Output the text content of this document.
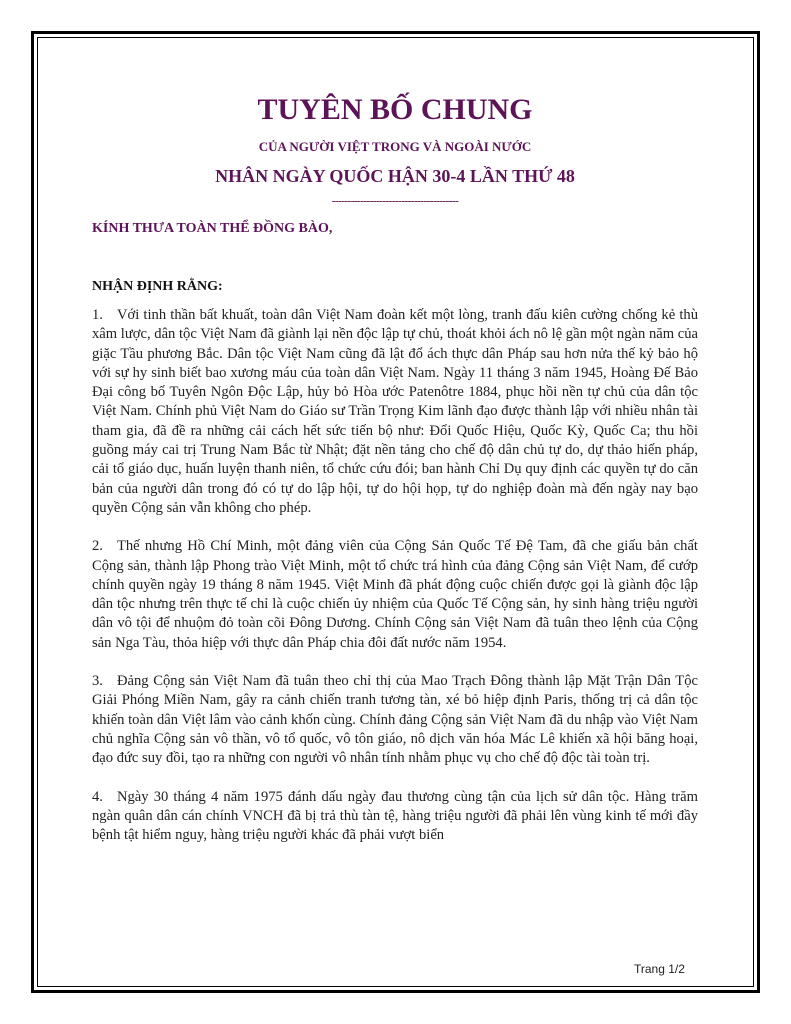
TUYÊN BỐ CHUNG
CỦA NGƯỜI VIỆT TRONG VÀ NGOÀI NƯỚC
NHÂN NGÀY QUỐC HẬN 30-4 LẦN THỨ 48
----------------------------------------
KÍNH THƯA TOÀN THỂ ĐỒNG BÀO,
NHẬN ĐỊNH RẰNG:

1. Với tinh thần bất khuất, toàn dân Việt Nam đoàn kết một lòng, tranh đấu kiên cường chống kẻ thù xâm lược, dân tộc Việt Nam đã giành lại nền độc lập tự chủ, thoát khỏi ách nô lệ gần một ngàn năm của giặc Tầu phương Bắc. Dân tộc Việt Nam cũng đã lật đổ ách thực dân Pháp sau hơn nửa thế kỷ bảo hộ với sự hy sinh biết bao xương máu của toàn dân Việt Nam. Ngày 11 tháng 3 năm 1945, Hoàng Đế Bảo Đại công bố Tuyên Ngôn Độc Lập, hủy bỏ Hòa ước Patenôtre 1884, phục hồi nền tự chủ của dân tộc Việt Nam. Chính phủ Việt Nam do Giáo sư Trần Trọng Kim lãnh đạo được thành lập với nhiều nhân tài tham gia, đã đề ra những cải cách hết sức tiến bộ như: Đổi Quốc Hiệu, Quốc Kỳ, Quốc Ca; thu hồi guồng máy cai trị Trung Nam Bắc từ Nhật; đặt nền tảng cho chế độ dân chủ tự do, dự thảo hiến pháp, cải tổ giáo dục, huấn luyện thanh niên, tổ chức cứu đói; ban hành Chỉ Dụ quy định các quyền tự do căn bản của người dân trong đó có tự do lập hội, tự do hội họp, tự do nghiệp đoàn mà đến ngày nay bạo quyền Cộng sản vẫn không cho phép.

2. Thế nhưng Hồ Chí Minh, một đảng viên của Cộng Sản Quốc Tế Đệ Tam, đã che giấu bản chất Cộng sản, thành lập Phong trào Việt Minh, một tổ chức trá hình của đảng Cộng sản Việt Nam, để cướp chính quyền ngày 19 tháng 8 năm 1945. Việt Minh đã phát động cuộc chiến được gọi là giành độc lập dân tộc nhưng trên thực tế chỉ là cuộc chiến ủy nhiệm của Quốc Tế Cộng sản, hy sinh hàng triệu người dân vô tội để nhuộm đỏ toàn cõi Đông Dương. Chính Cộng sản Việt Nam đã tuân theo lệnh của Cộng sản Nga Tàu, thỏa hiệp với thực dân Pháp chia đôi đất nước năm 1954.

3. Đảng Cộng sản Việt Nam đã tuân theo chỉ thị của Mao Trạch Đông thành lập Mặt Trận Dân Tộc Giải Phóng Miền Nam, gây ra cảnh chiến tranh tương tàn, xé bỏ hiệp định Paris, thống trị cả dân tộc khiến toàn dân Việt lâm vào cảnh khốn cùng. Chính đảng Cộng sản Việt Nam đã du nhập vào Việt Nam chủ nghĩa Cộng sản vô thần, vô tổ quốc, vô tôn giáo, nô dịch văn hóa Mác Lê khiến xã hội băng hoại, đạo đức suy đồi, tạo ra những con người vô nhân tính nhằm phục vụ cho chế độ độc tài toàn trị.

4. Ngày 30 tháng 4 năm 1975 đánh dấu ngày đau thương cùng tận của lịch sử dân tộc. Hàng trăm ngàn quân dân cán chính VNCH đã bị trả thù tàn tệ, hàng triệu người đã phải lên vùng kinh tế mới đầy bệnh tật hiểm nguy, hàng triệu người khác đã phải vượt biển

Trang 1/2
